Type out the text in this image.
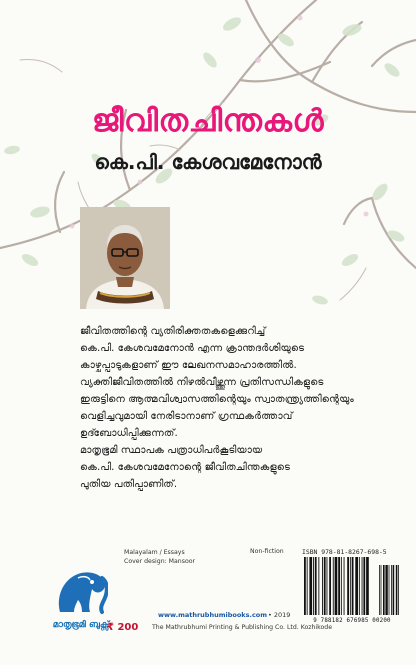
ജീവിതചിന്തകൾ
കെ.പി. കേശവമേനോൻ

ജീവിതത്തിന്റെ വ്യതിരിക്തതകളെക്കുറിച്ച്

കെ.പി. കേശവമേനോൻ എന്ന ക്രാന്തദർശിയുടെ

കാഴ്ചപ്പാടുകളാണ് ഈ ലേഖനസമാഹാരത്തിൽ.

വ്യക്തിജീവിതത്തിൽ നിഴൽവീഴ്ത്തുന്ന പ്രതിസന്ധികളുടെ

ഇരുട്ടിനെ ആത്മവിശ്വാസത്തിന്റെയും സ്വാതന്ത്ര്യത്തിന്റെയും

വെളിച്ചവുമായി നേരിടാനാണ് ഗ്രന്ഥകർത്താവ്

ഉദ്ബോധിപ്പിക്കുന്നത്.

മാതൃഭൂമി സ്ഥാപക പത്രാധിപർകൂടിയായ

കെ.പി. കേശവമേനോന്റെ ജീവിതചിന്തകളുടെ

പുതിയ പതിപ്പാണിത്.

മാതൃഭൂമി ബുക്സ്
Malayalam / Essays
Cover design: Mansoor
Non-fiction	ISBN 978-81-8267-698-5
₹ 200
www.mathrubhumibooks.com • 2019
The Mathrubhumi Printing & Publishing Co. Ltd. Kozhikode
9 788182 676985 00200
